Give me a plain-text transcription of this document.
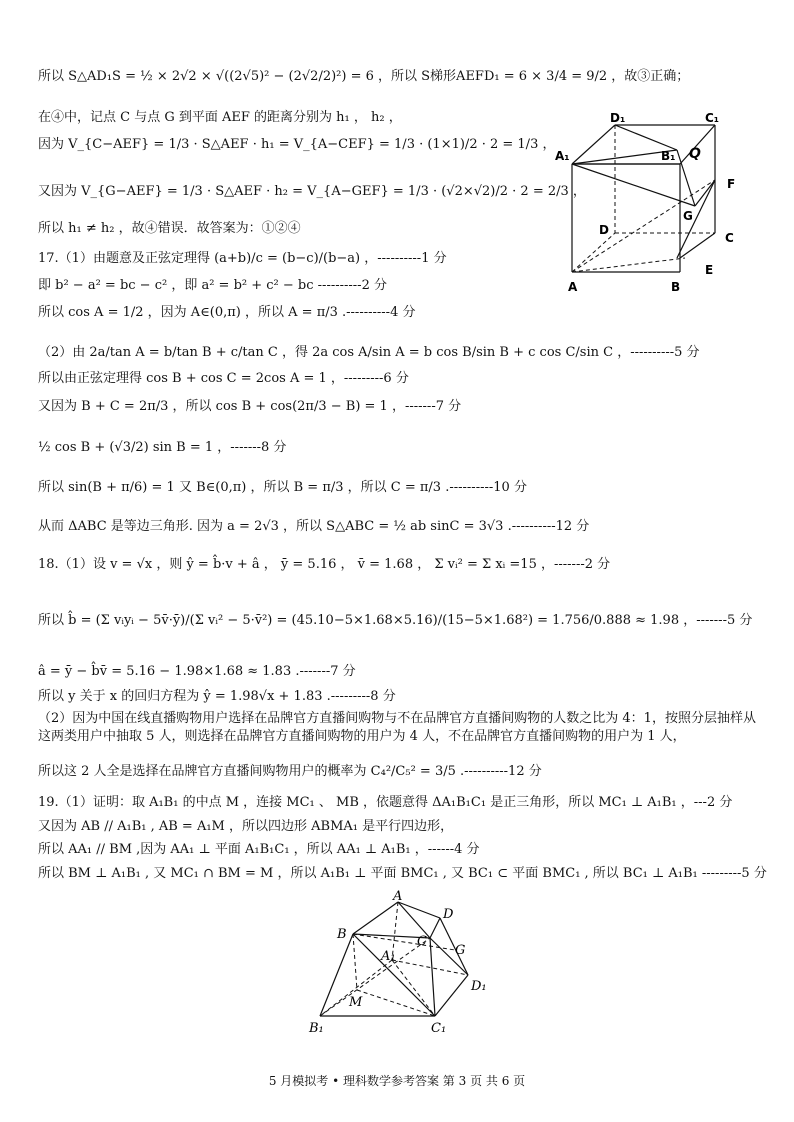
所以 S△AD₁S = ½ × 2√2 × √((2√5)² − (2√2/2)²) = 6 ，所以 S梯形AEFD₁ = 6 × 3/4 = 9/2 ，故③正确；
在④中，记点 C 与点 G 到平面 AEF 的距离分别为 h₁ ， h₂ ，
因为 V_{C−AEF} = 1/3 · S△AEF · h₁ = V_{A−CEF} = 1/3 · (1×1)/2 · 2 = 1/3 ，
又因为 V_{G−AEF} = 1/3 · S△AEF · h₂ = V_{A−GEF} = 1/3 · (√2×√2)/2 · 2 = 2/3 ，
所以 h₁ ≠ h₂ ，故④错误．故答案为：①②④
17.（1）由题意及正弦定理得 (a+b)/c = (b−c)/(b−a) ，----------1 分
即 b² − a² = bc − c² ，即 a² = b² + c² − bc ----------2 分
所以 cos A = 1/2 ，因为 A∈(0,π) ，所以 A = π/3 .----------4 分
（2）由 2a/tan A = b/tan B + c/tan C ，得 2a cos A/sin A = b cos B/sin B + c cos C/sin C ，----------5 分
所以由正弦定理得 cos B + cos C = 2cos A = 1 ，---------6 分
又因为 B + C = 2π/3 ，所以 cos B + cos(2π/3 − B) = 1 ，-------7 分
½ cos B + (√3/2) sin B = 1 ，-------8 分
所以 sin(B + π/6) = 1 又 B∈(0,π) ，所以 B = π/3 ，所以 C = π/3 .----------10 分
从而 ΔABC 是等边三角形. 因为 a = 2√3 ，所以 S△ABC = ½ ab sinC = 3√3 .----------12 分
18.（1）设 v = √x ，则 ŷ = b̂·v + â ， ȳ = 5.16 ， v̄ = 1.68 ， Σ vᵢ² = Σ xᵢ =15 ，-------2 分
所以 b̂ = (Σ vᵢyᵢ − 5v̄·ȳ)/(Σ vᵢ² − 5·v̄²) = (45.10−5×1.68×5.16)/(15−5×1.68²) = 1.756/0.888 ≈ 1.98 ，-------5 分
â = ȳ − b̂v̄ = 5.16 − 1.98×1.68 ≈ 1.83 .-------7 分
所以 y 关于 x 的回归方程为 ŷ = 1.98√x + 1.83 .---------8 分
（2）因为中国在线直播购物用户选择在品牌官方直播间购物与不在品牌官方直播间购物的人数之比为 4：1，按照分层抽样从这两类用户中抽取 5 人，则选择在品牌官方直播间购物的用户为 4 人，不在品牌官方直播间购物的用户为 1 人，
所以这 2 人全是选择在品牌官方直播间购物用户的概率为 C₄²/C₅² = 3/5 .----------12 分
19.（1）证明：取 A₁B₁ 的中点 M ，连接 MC₁ 、 MB ，依题意得 ΔA₁B₁C₁ 是正三角形，所以 MC₁ ⊥ A₁B₁ ，---2 分
又因为 AB // A₁B₁ , AB = A₁M ，所以四边形 ABMA₁ 是平行四边形，
所以 AA₁ // BM ,因为 AA₁ ⊥ 平面 A₁B₁C₁ ，所以 AA₁ ⊥ A₁B₁ ，------4 分
所以 BM ⊥ A₁B₁ , 又 MC₁ ∩ BM = M ，所以 A₁B₁ ⊥ 平面 BMC₁ , 又 BC₁ ⊂ 平面 BMC₁ , 所以 BC₁ ⊥ A₁B₁ ---------5 分
D₁	C₁
A₁	B₁ Q
F
D
C
G
A	B
E
A
D
B	C
G
A₁
D₁
M
B₁	C₁
5 月模拟考 • 理科数学参考答案 第 3 页 共 6 页
